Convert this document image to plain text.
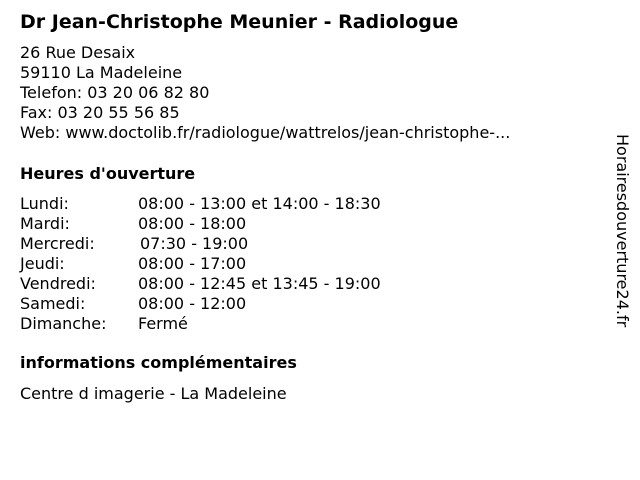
Dr Jean-Christophe Meunier - Radiologue
26 Rue Desaix
59110 La Madeleine
Telefon: 03 20 06 82 80
Fax: 03 20 55 56 85
Web: www.doctolib.fr/radiologue/wattrelos/jean-christophe-...
Heures d'ouverture
Lundi:	08:00 - 13:00 et 14:00 - 18:30
Mardi:	08:00 - 18:00
Mercredi:	07:30 - 19:00
Jeudi:	08:00 - 17:00
Vendredi:	08:00 - 12:45 et 13:45 - 19:00
Samedi:	08:00 - 12:00
Dimanche: Fermé
informations complémentaires
Centre d imagerie - La Madeleine
Horairesdouverture24.fr
